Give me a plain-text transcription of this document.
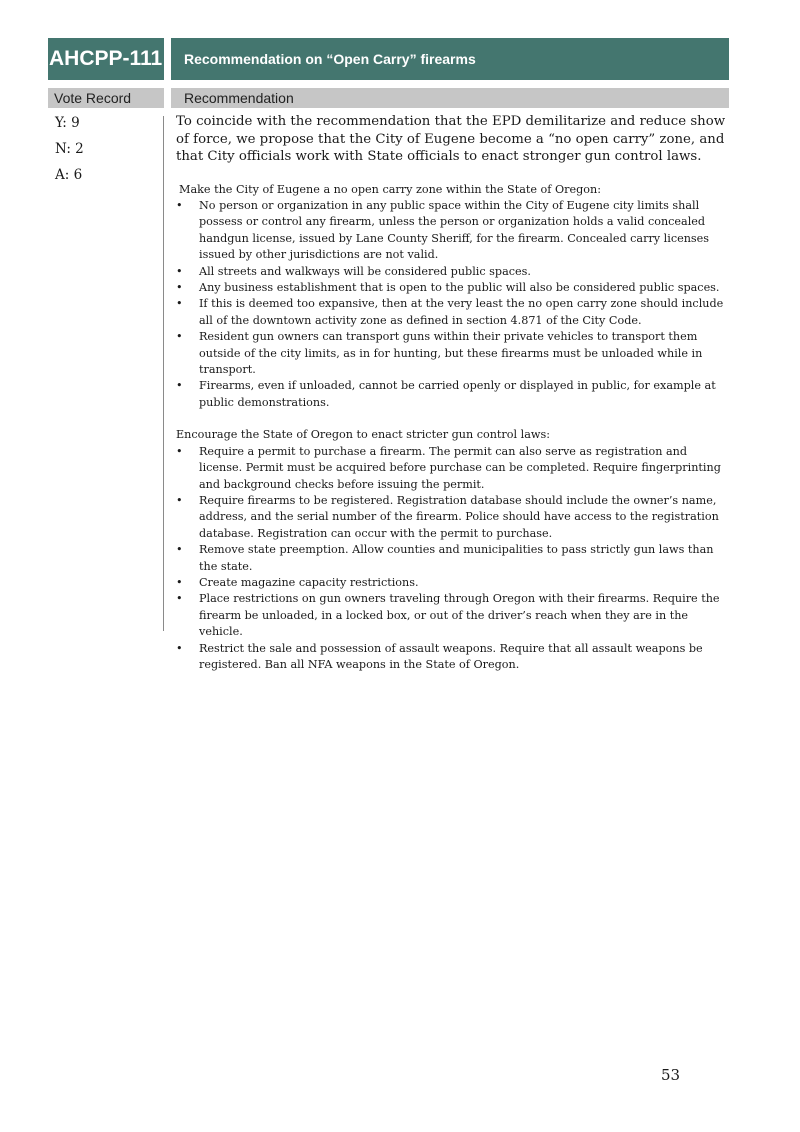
AHCPP-111 Recommendation on “Open Carry” firearms
Vote Record	Recommendation
Y: 9
N: 2
A: 6

To coincide with the recommendation that the EPD demilitarize and reduce show of force, we propose that the City of Eugene become a “no open carry” zone, and that City officials work with State officials to enact stronger gun control laws.

Make the City of Eugene a no open carry zone within the State of Oregon:

• No person or organization in any public space within the City of Eugene city limits shall possess or control any firearm, unless the person or organization holds a valid concealed handgun license, issued by Lane County Sheriff, for the firearm. Concealed carry licenses issued by other jurisdictions are not valid.
• All streets and walkways will be considered public spaces.
• Any business establishment that is open to the public will also be considered public spaces.
• If this is deemed too expansive, then at the very least the no open carry zone should include all of the downtown activity zone as defined in section 4.871 of the City Code.
• Resident gun owners can transport guns within their private vehicles to transport them outside of the city limits, as in for hunting, but these firearms must be unloaded while in transport.
• Firearms, even if unloaded, cannot be carried openly or displayed in public, for example at public demonstrations.

Encourage the State of Oregon to enact stricter gun control laws:

• Require a permit to purchase a firearm. The permit can also serve as registration and license. Permit must be acquired before purchase can be completed. Require fingerprinting and background checks before issuing the permit.
• Require firearms to be registered. Registration database should include the owner’s name, address, and the serial number of the firearm. Police should have access to the registration database. Registration can occur with the permit to purchase.
• Remove state preemption. Allow counties and municipalities to pass strictly gun laws than the state.
• Create magazine capacity restrictions.
• Place restrictions on gun owners traveling through Oregon with their firearms. Require the firearm be unloaded, in a locked box, or out of the driver’s reach when they are in the vehicle.
• Restrict the sale and possession of assault weapons. Require that all assault weapons be registered. Ban all NFA weapons in the State of Oregon.
53
